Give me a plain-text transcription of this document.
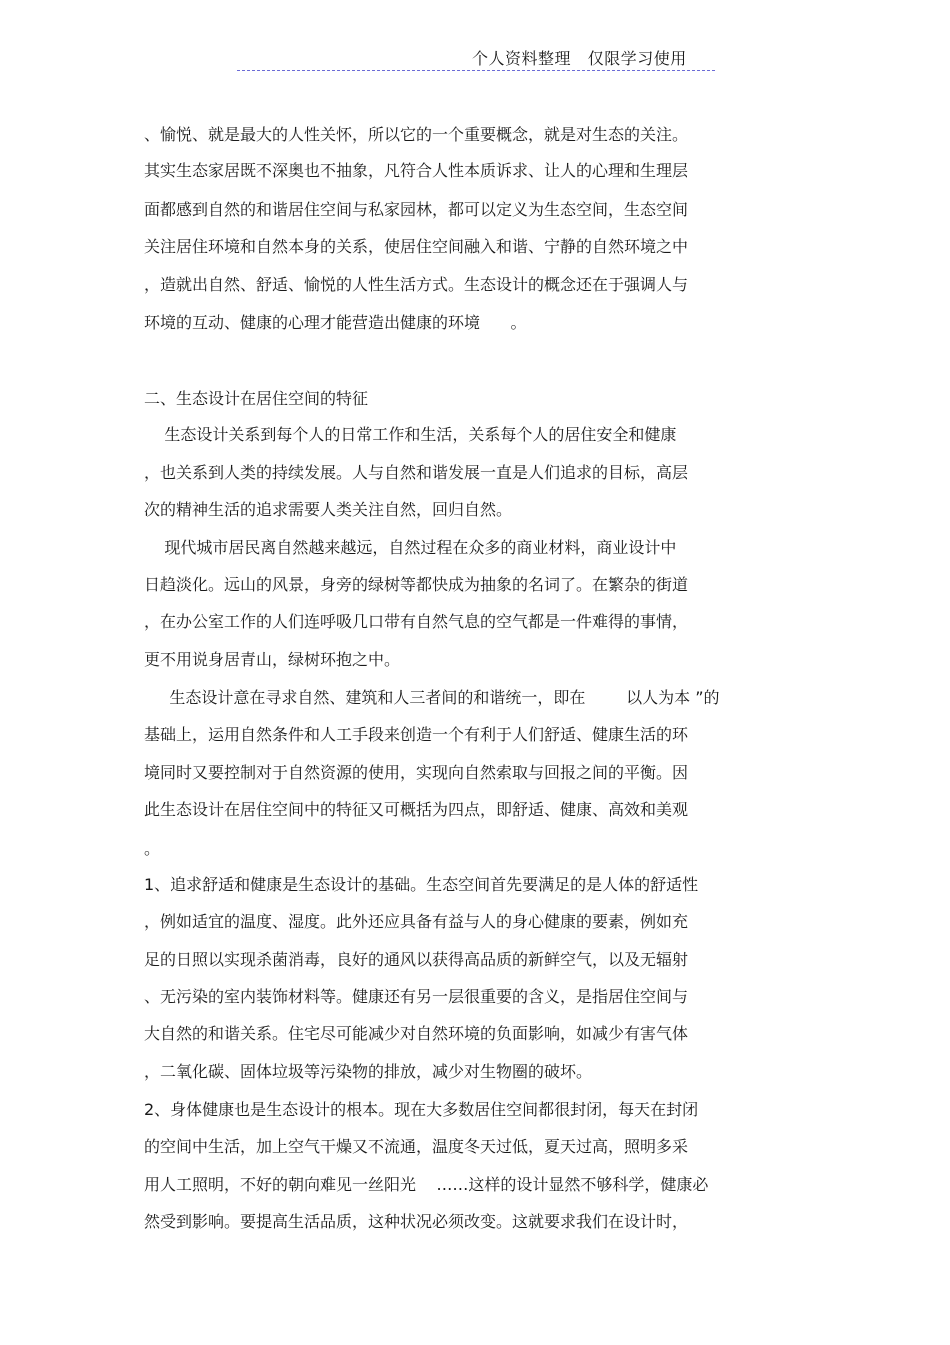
个人资料整理   仅限学习使用
、愉悦、就是最大的人性关怀，所以它的一个重要概念，就是对生态的关注。
其实生态家居既不深奥也不抽象，凡符合人性本质诉求、让人的心理和生理层
面都感到自然的和谐居住空间与私家园林，都可以定义为生态空间，生态空间
关注居住环境和自然本身的关系，使居住空间融入和谐、宁静的自然环境之中
，造就出自然、舒适、愉悦的人性生活方式。生态设计的概念还在于强调人与
环境的互动、健康的心理才能营造出健康的环境      。
二、生态设计在居住空间的特征
生态设计关系到每个人的日常工作和生活，关系每个人的居住安全和健康
，也关系到人类的持续发展。人与自然和谐发展一直是人们追求的目标，高层
次的精神生活的追求需要人类关注自然，回归自然。
现代城市居民离自然越来越远，自然过程在众多的商业材料，商业设计中
日趋淡化。远山的风景，身旁的绿树等都快成为抽象的名词了。在繁杂的街道
，在办公室工作的人们连呼吸几口带有自然气息的空气都是一件难得的事情，
更不用说身居青山，绿树环抱之中。
生态设计意在寻求自然、建筑和人三者间的和谐统一，即在        以人为本 ”的
基础上，运用自然条件和人工手段来创造一个有利于人们舒适、健康生活的环
境同时又要控制对于自然资源的使用，实现向自然索取与回报之间的平衡。因
此生态设计在居住空间中的特征又可概括为四点，即舒适、健康、高效和美观
。
1、追求舒适和健康是生态设计的基础。生态空间首先要满足的是人体的舒适性
，例如适宜的温度、湿度。此外还应具备有益与人的身心健康的要素，例如充
足的日照以实现杀菌消毒，良好的通风以获得高品质的新鲜空气，以及无辐射
、无污染的室内装饰材料等。健康还有另一层很重要的含义，是指居住空间与
大自然的和谐关系。住宅尽可能减少对自然环境的负面影响，如减少有害气体
，二氧化碳、固体垃圾等污染物的排放，减少对生物圈的破坏。
2、身体健康也是生态设计的根本。现在大多数居住空间都很封闭，每天在封闭
的空间中生活，加上空气干燥又不流通，温度冬天过低，夏天过高，照明多采
用人工照明，不好的朝向难见一丝阳光    ……这样的设计显然不够科学，健康必
然受到影响。要提高生活品质，这种状况必须改变。这就要求我们在设计时，
